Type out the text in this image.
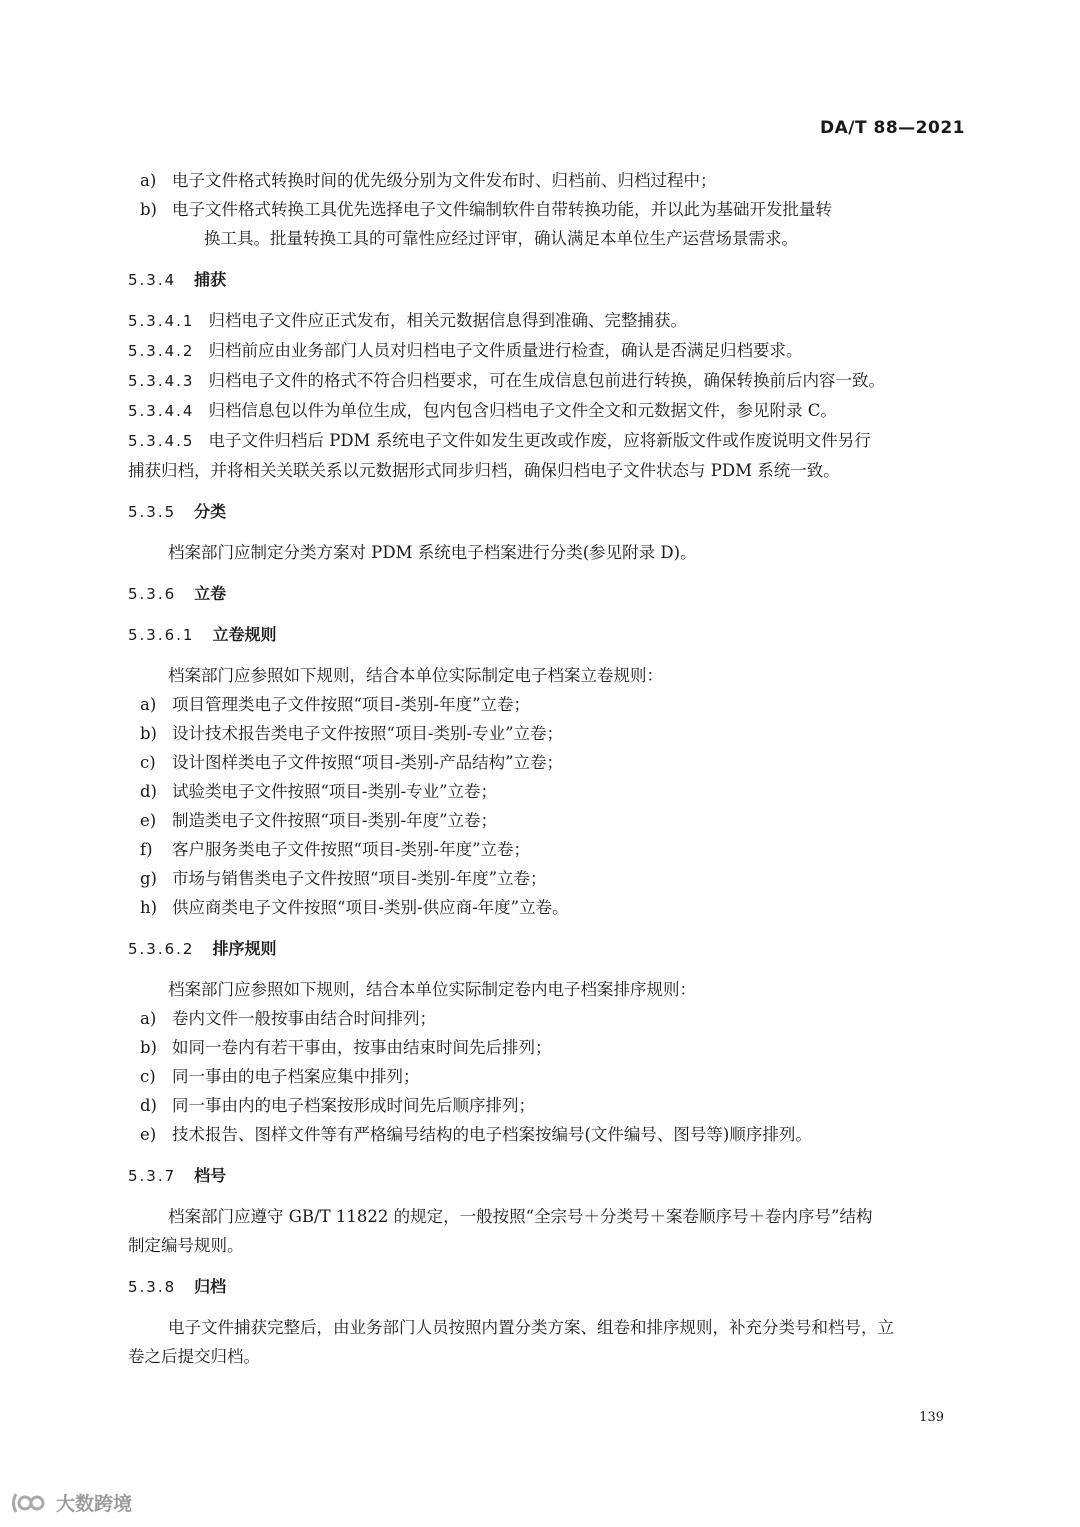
DA/T 88—2021
a) 电子文件格式转换时间的优先级分别为文件发布时、归档前、归档过程中；
b) 电子文件格式转换工具优先选择电子文件编制软件自带转换功能，并以此为基础开发批量转
换工具。批量转换工具的可靠性应经过评审，确认满足本单位生产运营场景需求。
5.3.4 捕获
5.3.4.1 归档电子文件应正式发布，相关元数据信息得到准确、完整捕获。
5.3.4.2 归档前应由业务部门人员对归档电子文件质量进行检查，确认是否满足归档要求。
5.3.4.3 归档电子文件的格式不符合归档要求，可在生成信息包前进行转换，确保转换前后内容一致。
5.3.4.4 归档信息包以件为单位生成，包内包含归档电子文件全文和元数据文件，参见附录 C。
5.3.4.5 电子文件归档后 PDM 系统电子文件如发生更改或作废，应将新版文件或作废说明文件另行
捕获归档，并将相关关联关系以元数据形式同步归档，确保归档电子文件状态与 PDM 系统一致。
5.3.5 分类
档案部门应制定分类方案对 PDM 系统电子档案进行分类(参见附录 D)。
5.3.6 立卷
5.3.6.1 立卷规则
档案部门应参照如下规则，结合本单位实际制定电子档案立卷规则：
a) 项目管理类电子文件按照“项目-类别-年度”立卷；
b) 设计技术报告类电子文件按照“项目-类别-专业”立卷；
c) 设计图样类电子文件按照“项目-类别-产品结构”立卷；
d) 试验类电子文件按照“项目-类别-专业”立卷；
e) 制造类电子文件按照“项目-类别-年度”立卷；
f) 客户服务类电子文件按照“项目-类别-年度”立卷；
g) 市场与销售类电子文件按照“项目-类别-年度”立卷；
h) 供应商类电子文件按照“项目-类别-供应商-年度”立卷。
5.3.6.2 排序规则
档案部门应参照如下规则，结合本单位实际制定卷内电子档案排序规则：
a) 卷内文件一般按事由结合时间排列；
b) 如同一卷内有若干事由，按事由结束时间先后排列；
c) 同一事由的电子档案应集中排列；
d) 同一事由内的电子档案按形成时间先后顺序排列；
e) 技术报告、图样文件等有严格编号结构的电子档案按编号(文件编号、图号等)顺序排列。
5.3.7 档号
档案部门应遵守 GB/T 11822 的规定，一般按照“全宗号＋分类号＋案卷顺序号＋卷内序号”结构
制定编号规则。
5.3.8 归档
电子文件捕获完整后，由业务部门人员按照内置分类方案、组卷和排序规则，补充分类号和档号，立
卷之后提交归档。
139
大数跨境
